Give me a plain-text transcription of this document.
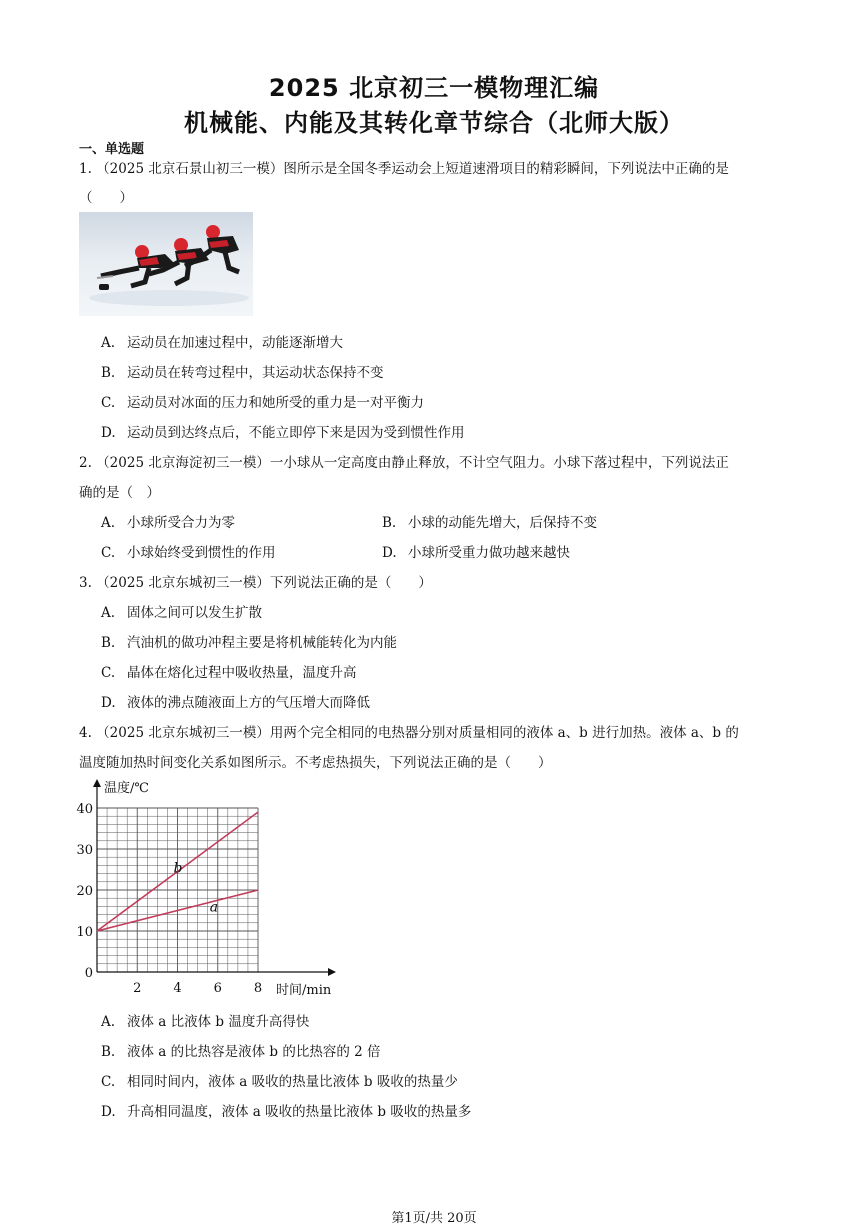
2025 北京初三一模物理汇编
机械能、内能及其转化章节综合（北师大版）
一、单选题
1. （2025 北京石景山初三一模）图所示是全国冬季运动会上短道速滑项目的精彩瞬间，下列说法中正确的是
（　　）
A. 运动员在加速过程中，动能逐渐增大
B. 运动员在转弯过程中，其运动状态保持不变
C. 运动员对冰面的压力和她所受的重力是一对平衡力
D. 运动员到达终点后，不能立即停下来是因为受到惯性作用
2. （2025 北京海淀初三一模）一小球从一定高度由静止释放，不计空气阻力。小球下落过程中，下列说法正
确的是（　）
A. 小球所受合力为零	B. 小球的动能先增大，后保持不变
C. 小球始终受到惯性的作用	D. 小球所受重力做功越来越快
3. （2025 北京东城初三一模）下列说法正确的是（　　）
A. 固体之间可以发生扩散
B. 汽油机的做功冲程主要是将机械能转化为内能
C. 晶体在熔化过程中吸收热量，温度升高
D. 液体的沸点随液面上方的气压增大而降低
4. （2025 北京东城初三一模）用两个完全相同的电热器分别对质量相同的液体 a、b 进行加热。液体 a、b 的
温度随加热时间变化关系如图所示。不考虑热损失，下列说法正确的是（　　）
2 4 6 8
0
10
20
30
40
a
b
温度/℃
时间/min
A. 液体 a 比液体 b 温度升高得快
B. 液体 a 的比热容是液体 b 的比热容的 2 倍
C. 相同时间内，液体 a 吸收的热量比液体 b 吸收的热量少
D. 升高相同温度，液体 a 吸收的热量比液体 b 吸收的热量多
第1页/共 20页
